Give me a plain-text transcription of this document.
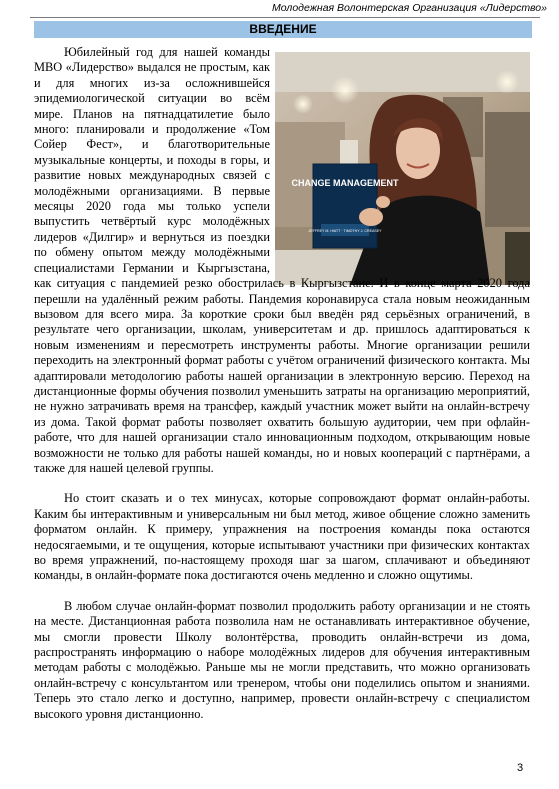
Молодежная Волонтерская Организация «Лидерство»
ВВЕДЕНИЕ
CHANGE MANAGEMENT
JEFFREY M. HIATT · TIMOTHY J. CREASEY
Юбилейный год для нашей команды
МВО «Лидерство» выдался не простым, как
и для многих из-за осложнившейся
эпидемиологической ситуации во всём
мире. Планов на пятнадцатилетие было
много: планировали и продолжение «Том
Сойер Фест», и благотворительные
музыкальные концерты, и походы в горы, и
развитие новых международных связей с
молодёжными организациями. В первые
месяцы 2020 года мы только успели
выпустить четвёртый курс молодёжных
лидеров «Дилгир» и вернуться из поездки
по обмену опытом между молодёжными
специалистами Германии и Кыргызстана,

как ситуация с пандемией резко обострилась в Кыргызстане. И в конце марта 2020 года перешли на удалённый режим работы. Пандемия коронавируса стала новым неожиданным вызовом для всего мира. За короткие сроки был введён ряд серьёзных ограничений, в результате чего организации, школам, университетам и др. пришлось адаптироваться к новым изменениям и пересмотреть инструменты работы. Многие организации решили переходить на электронный формат работы с учётом ограничений физического контакта. Мы адаптировали методологию работы нашей организации в электронную версию. Переход на дистанционные формы обучения позволил уменьшить затраты на организацию мероприятий, не нужно затрачивать время на трансфер, каждый участник может выйти на онлайн-встречу из дома. Такой формат работы позволяет охватить большую аудитории, чем при офлайн-работе, что для нашей организации стало инновационным подходом, открывающим новые возможности не только для работы нашей команды, но и новых коопераций с партнёрами, а также для нашей целевой группы.

Но стоит сказать и о тех минусах, которые сопровождают формат онлайн-работы. Каким бы интерактивным и универсальным ни был метод, живое общение сложно заменить форматом онлайн. К примеру, упражнения на построения команды пока остаются недосягаемыми, и те ощущения, которые испытывают участники при физических контактах во время упражнений, по-настоящему проходя шаг за шагом, сплачивают и объединяют команды, в онлайн-формате пока достигаются очень медленно и сложно ощутимы.

В любом случае онлайн-формат позволил продолжить работу организации и не стоять на месте. Дистанционная работа позволила нам не останавливать интерактивное обучение, мы смогли провести Школу волонтёрства, проводить онлайн-встречи из дома, распространять информацию о наборе молодёжных лидеров для обучения интерактивным методам работы с молодёжью. Раньше мы не могли представить, что можно организовать онлайн-встречу с консультантом или тренером, чтобы они поделились опытом и знаниями. Теперь это стало легко и доступно, например, провести онлайн-встречу с специалистом высокого уровня дистанционно.

3
